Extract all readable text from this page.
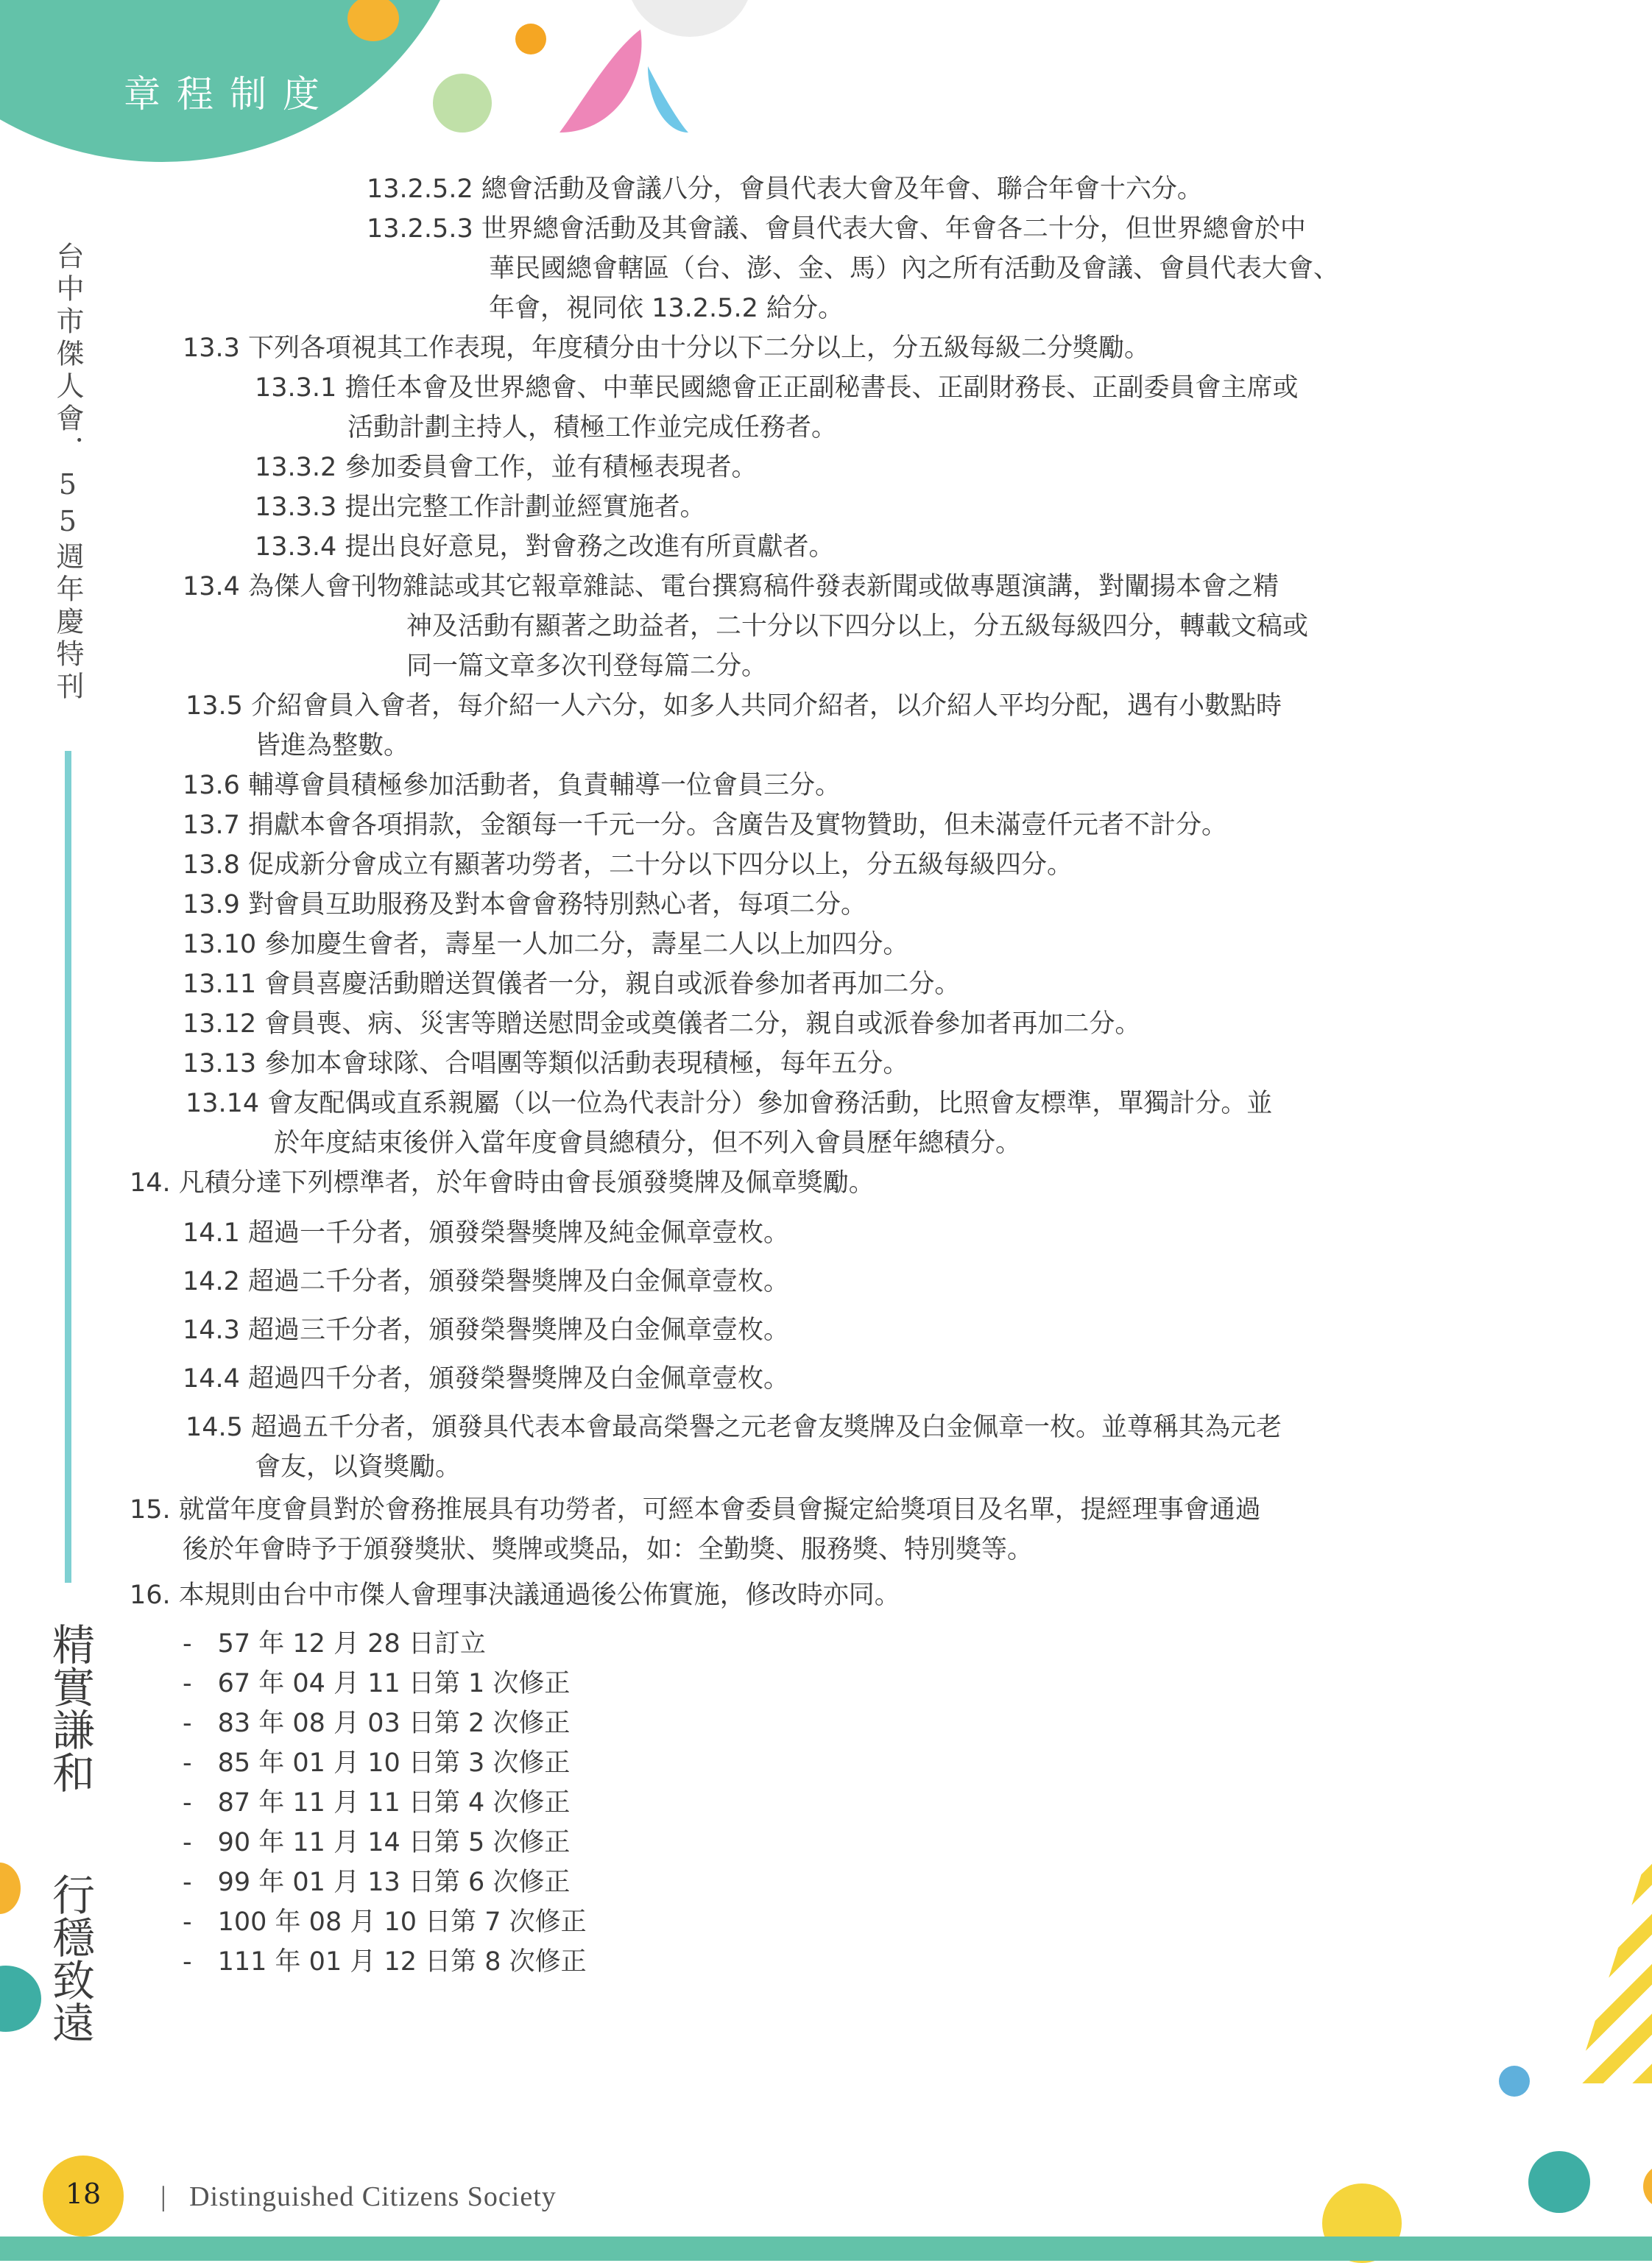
章程制度
台中市傑人會．55週年慶特刊
精實謙和
行穩致遠
13.2.5.2 總會活動及會議八分，會員代表大會及年會、聯合年會十六分。
13.2.5.3 世界總會活動及其會議、會員代表大會、年會各二十分，但世界總會於中
華民國總會轄區（台、澎、金、馬）內之所有活動及會議、會員代表大會、
年會，視同依 13.2.5.2 給分。
13.3 下列各項視其工作表現，年度積分由十分以下二分以上，分五級每級二分獎勵。
13.3.1 擔任本會及世界總會、中華民國總會正正副秘書長、正副財務長、正副委員會主席或
活動計劃主持人，積極工作並完成任務者。
13.3.2 參加委員會工作，並有積極表現者。
13.3.3 提出完整工作計劃並經實施者。
13.3.4 提出良好意見，對會務之改進有所貢獻者。
13.4 為傑人會刊物雜誌或其它報章雜誌、電台撰寫稿件發表新聞或做專題演講，對闡揚本會之精
神及活動有顯著之助益者，二十分以下四分以上，分五級每級四分，轉載文稿或
同一篇文章多次刊登每篇二分。
13.5 介紹會員入會者，每介紹一人六分，如多人共同介紹者，以介紹人平均分配，遇有小數點時
皆進為整數。
13.6 輔導會員積極參加活動者，負責輔導一位會員三分。
13.7 捐獻本會各項捐款，金額每一千元一分。含廣告及實物贊助，但未滿壹仟元者不計分。
13.8 促成新分會成立有顯著功勞者，二十分以下四分以上，分五級每級四分。
13.9 對會員互助服務及對本會會務特別熱心者，每項二分。
13.10 參加慶生會者，壽星一人加二分，壽星二人以上加四分。
13.11 會員喜慶活動贈送賀儀者一分，親自或派眷參加者再加二分。
13.12 會員喪、病、災害等贈送慰問金或奠儀者二分，親自或派眷參加者再加二分。
13.13 參加本會球隊、合唱團等類似活動表現積極，每年五分。
13.14 會友配偶或直系親屬（以一位為代表計分）參加會務活動，比照會友標準，單獨計分。並
於年度結束後併入當年度會員總積分，但不列入會員歷年總積分。
14. 凡積分達下列標準者，於年會時由會長頒發獎牌及佩章獎勵。
14.1 超過一千分者，頒發榮譽獎牌及純金佩章壹枚。
14.2 超過二千分者，頒發榮譽獎牌及白金佩章壹枚。
14.3 超過三千分者，頒發榮譽獎牌及白金佩章壹枚。
14.4 超過四千分者，頒發榮譽獎牌及白金佩章壹枚。
14.5 超過五千分者，頒發具代表本會最高榮譽之元老會友獎牌及白金佩章一枚。並尊稱其為元老
會友，以資獎勵。
15. 就當年度會員對於會務推展具有功勞者，可經本會委員會擬定給獎項目及名單，提經理事會通過
後於年會時予于頒發獎狀、獎牌或獎品，如：全勤獎、服務獎、特別獎等。
16. 本規則由台中市傑人會理事決議通過後公佈實施，修改時亦同。
-　57 年 12 月 28 日訂立
-　67 年 04 月 11 日第 1 次修正
-　83 年 08 月 03 日第 2 次修正
-　85 年 01 月 10 日第 3 次修正
-　87 年 11 月 11 日第 4 次修正
-　90 年 11 月 14 日第 5 次修正
-　99 年 01 月 13 日第 6 次修正
-　100 年 08 月 10 日第 7 次修正
-　111 年 01 月 12 日第 8 次修正
18	| Distinguished Citizens Society
